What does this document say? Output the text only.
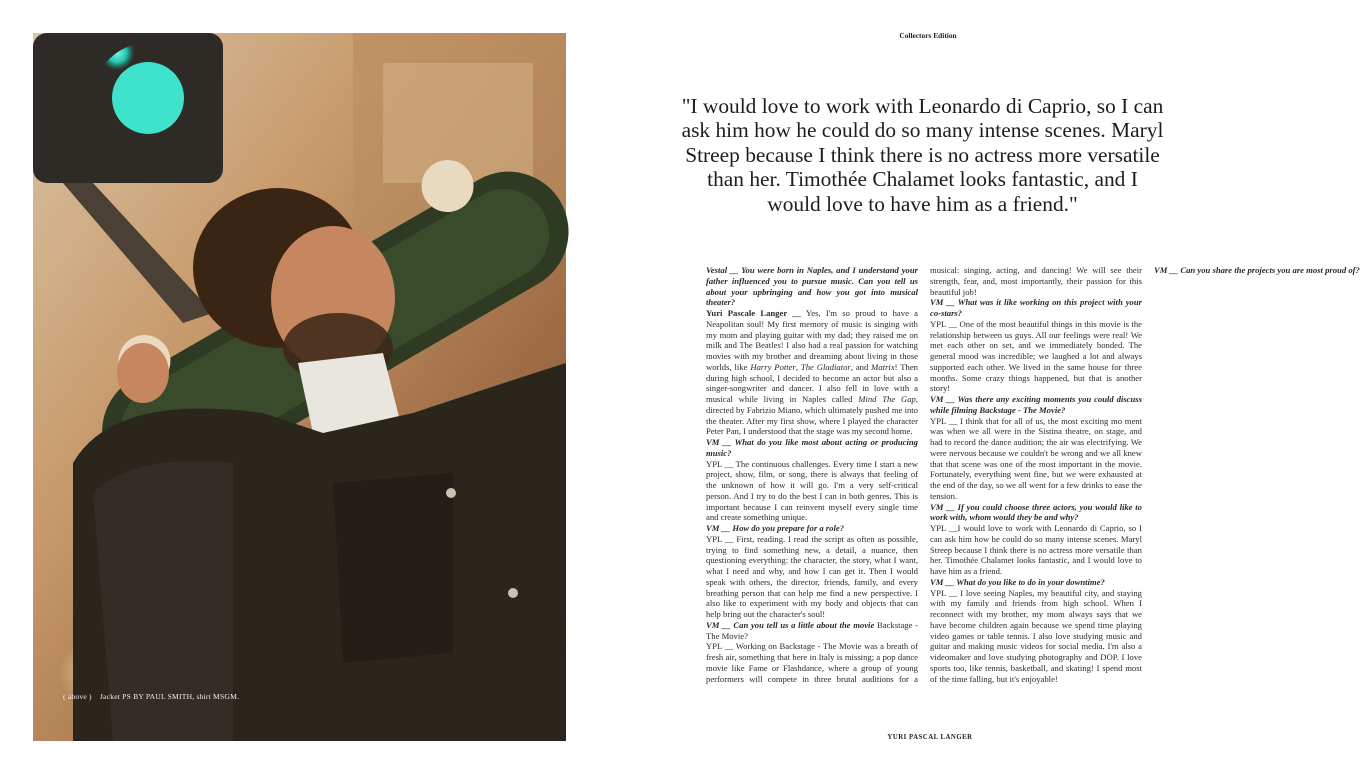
( above ) Jacket PS BY PAUL SMITH, shirt MSGM.
Collectors Edition
"I would love to work with Leonardo di Caprio, so I can ask him how he could do so many intense scenes. Maryl Streep because I think there is no actress more versatile than her. Timothée Chalamet looks fantastic, and I would love to have him as a friend."

Vestal __ You were born in Naples, and I understand your father influenced you to pursue music. Can you tell us about your upbringing and how you got into musical theater?

Yuri Pascale Langer __ Yes, I'm so proud to have a Neapolitan soul! My first memory of music is singing with my mom and playing guitar with my dad; they raised me on milk and The Beatles! I also had a real passion for watching movies with my brother and dreaming about living in those worlds, like Harry Potter, The Gladiator, and Matrix! Then during high school, I decided to become an actor but also a singer-songwriter and dancer. I also fell in love with a musical while living in Naples called Mind The Gap, directed by Fabrizio Miano, which ultimately pushed me into the theater. After my first show, where I played the character Peter Pan, I understood that the stage was my second home.

VM __ What do you like most about acting or producing music?

YPL __ The continuous challenges. Every time I start a new project, show, film, or song, there is always that feeling of the unknown of how it will go. I'm a very self-critical person. And I try to do the best I can in both genres. This is important because I can reinvent myself every single time and create something unique.

VM __ How do you prepare for a role?

YPL __ First, reading. I read the script as often as possible, trying to find something new, a detail, a nuance, then questioning everything: the character, the story, what I want, what I need and why, and how I can get it. Then I would speak with others, the director, friends, family, and every breathing person that can help me find a new perspective. I also like to experiment with my body and objects that can help bring out the character's soul!

VM __ Can you tell us a little about the movie Backstage - The Movie?

YPL __ Working on Backstage - The Movie was a breath of fresh air, something that here in Italy is missing; a pop dance movie like Fame or Flashdance, where a group of young performers will compete in three brutal auditions for a musical: singing, acting, and dancing! We will see their strength, fear, and, most importantly, their passion for this beautiful job!

VM __ What was it like working on this project with your co-stars?

YPL __ One of the most beautiful things in this movie is the relationship between us guys. All our feelings were real! We met each other on set, and we immediately bonded. The general mood was incredible; we laughed a lot and always supported each other. We lived in the same house for three months. Some crazy things happened, but that is another story!

VM __ Was there any exciting moments you could discuss while filming Backstage - The Movie?

YPL __ I think that for all of us, the most exciting mo ment was when we all were in the Sistina theatre, on stage, and had to record the dance audition; the air was electrifying. We were nervous because we couldn't be wrong and we all knew that that scene was one of the most important in the movie. Fortunately, everything went fine, but we were exhausted at the end of the day, so we all went for a few drinks to ease the tension.

VM __ If you could choose three actors, you would like to work with, whom would they be and why?

YPL __I would love to work with Leonardo di Caprio, so I can ask him how he could do so many intense scenes. Maryl Streep because I think there is no actress more versatile than her. Timothée Chalamet looks fantastic, and I would love to have him as a friend.

VM __ What do you like to do in your downtime?

YPL __ I love seeing Naples, my beautiful city, and staying with my family and friends from high school. When I reconnect with my brother, my mom always says that we have become children again because we spend time playing video games or table tennis. I also love studying music and guitar and making music videos for social media. I'm also a videomaker and love studying photography and DOP. I love sports too, like tennis, basketball, and skating! I spend most of the time falling, but it's enjoyable!

VM __ Can you share the projects you are most proud of?

YURI PASCAL LANGER
